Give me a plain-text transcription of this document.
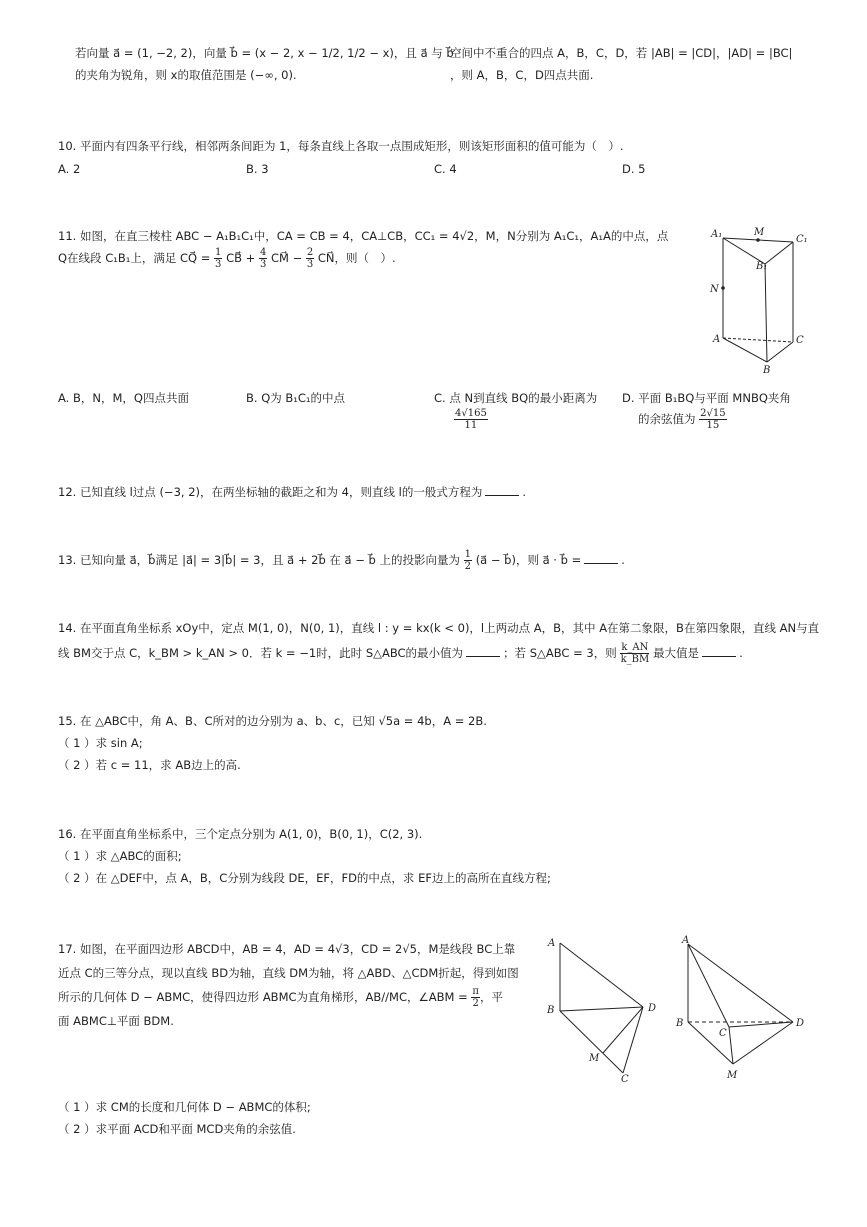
若向量 a⃗ = (1, −2, 2)，向量 b⃗ = (x − 2, x − 1/2, 1/2 − x)，且 a⃗ 与 b⃗
的夹角为锐角，则 x的取值范围是 (−∞, 0).
空间中不重合的四点 A，B，C，D，若 |AB| = |CD|，|AD| = |BC|
，则 A，B，C，D四点共面.
10. 平面内有四条平行线，相邻两条间距为 1，每条直线上各取一点围成矩形，则该矩形面积的值可能为（　）.
A. 2	B. 3	C. 4	D. 5
11. 如图，在直三棱柱 ABC − A₁B₁C₁中，CA = CB = 4，CA⊥CB，CC₁ = 4√2，M，N分别为 A₁C₁，A₁A的中点，点
Q在线段 C₁B₁上，满足 CQ⃗ = $\frac{1}{3}$ CB⃗ + $\frac{4}{3}$ CM⃗ − $\frac{2}{3}$ CN⃗，则（　）.
A₁	M
C₁
B₁
N
A	C
B
A. B，N，M，Q四点共面	B. Q为 B₁C₁的中点	C. 点 N到直线 BQ的最小距离为
$\frac{4√165}{11}$
D. 平面 B₁BQ与平面 MNBQ夹角
的余弦值为 $\frac{2√15}{15}$
12. 已知直线 l过点 (−3, 2)，在两坐标轴的截距之和为 4，则直线 l的一般式方程为	.
13. 已知向量 a⃗，b⃗满足 |a⃗| = 3|b⃗| = 3，且 a⃗ + 2b⃗ 在 a⃗ − b⃗ 上的投影向量为 $\frac{1}{2}$ (a⃗ − b⃗)，则 a⃗ · b⃗ =	.
14. 在平面直角坐标系 xOy中，定点 M(1, 0)，N(0, 1)，直线 l : y = kx(k < 0)，l上两动点 A，B，其中 A在第二象限，B在第四象限，直线 AN与直
线 BM交于点 C，k_BM > k_AN > 0．若 k = −1时，此时 S△ABC的最小值为	；若 S△ABC = 3，则 $\frac{k\_AN}{k\_BM}$ 最大值是	.
15. 在 △ABC中，角 A、B、C所对的边分别为 a、b、c，已知 √5a = 4b，A = 2B.
（ 1 ）求 sin A;
（ 2 ）若 c = 11，求 AB边上的高.
16. 在平面直角坐标系中，三个定点分别为 A(1, 0)，B(0, 1)，C(2, 3).
（ 1 ）求 △ABC的面积;
（ 2 ）在 △DEF中，点 A，B，C分别为线段 DE，EF，FD的中点，求 EF边上的高所在直线方程;
17. 如图，在平面四边形 ABCD中，AB = 4，AD = 4√3，CD = 2√5，M是线段 BC上靠
近点 C的三等分点，现以直线 BD为轴，直线 DM为轴，将 △ABD、△CDM折起，得到如图
所示的几何体 D − ABMC，使得四边形 ABMC为直角梯形，AB//MC，∠ABM = $\frac{\pi}{2}$ ，平
面 ABMC⊥平面 BDM.
A
B	D
M
C
A
B
C
D
M
（ 1 ）求 CM的长度和几何体 D − ABMC的体积;
（ 2 ）求平面 ACD和平面 MCD夹角的余弦值.
